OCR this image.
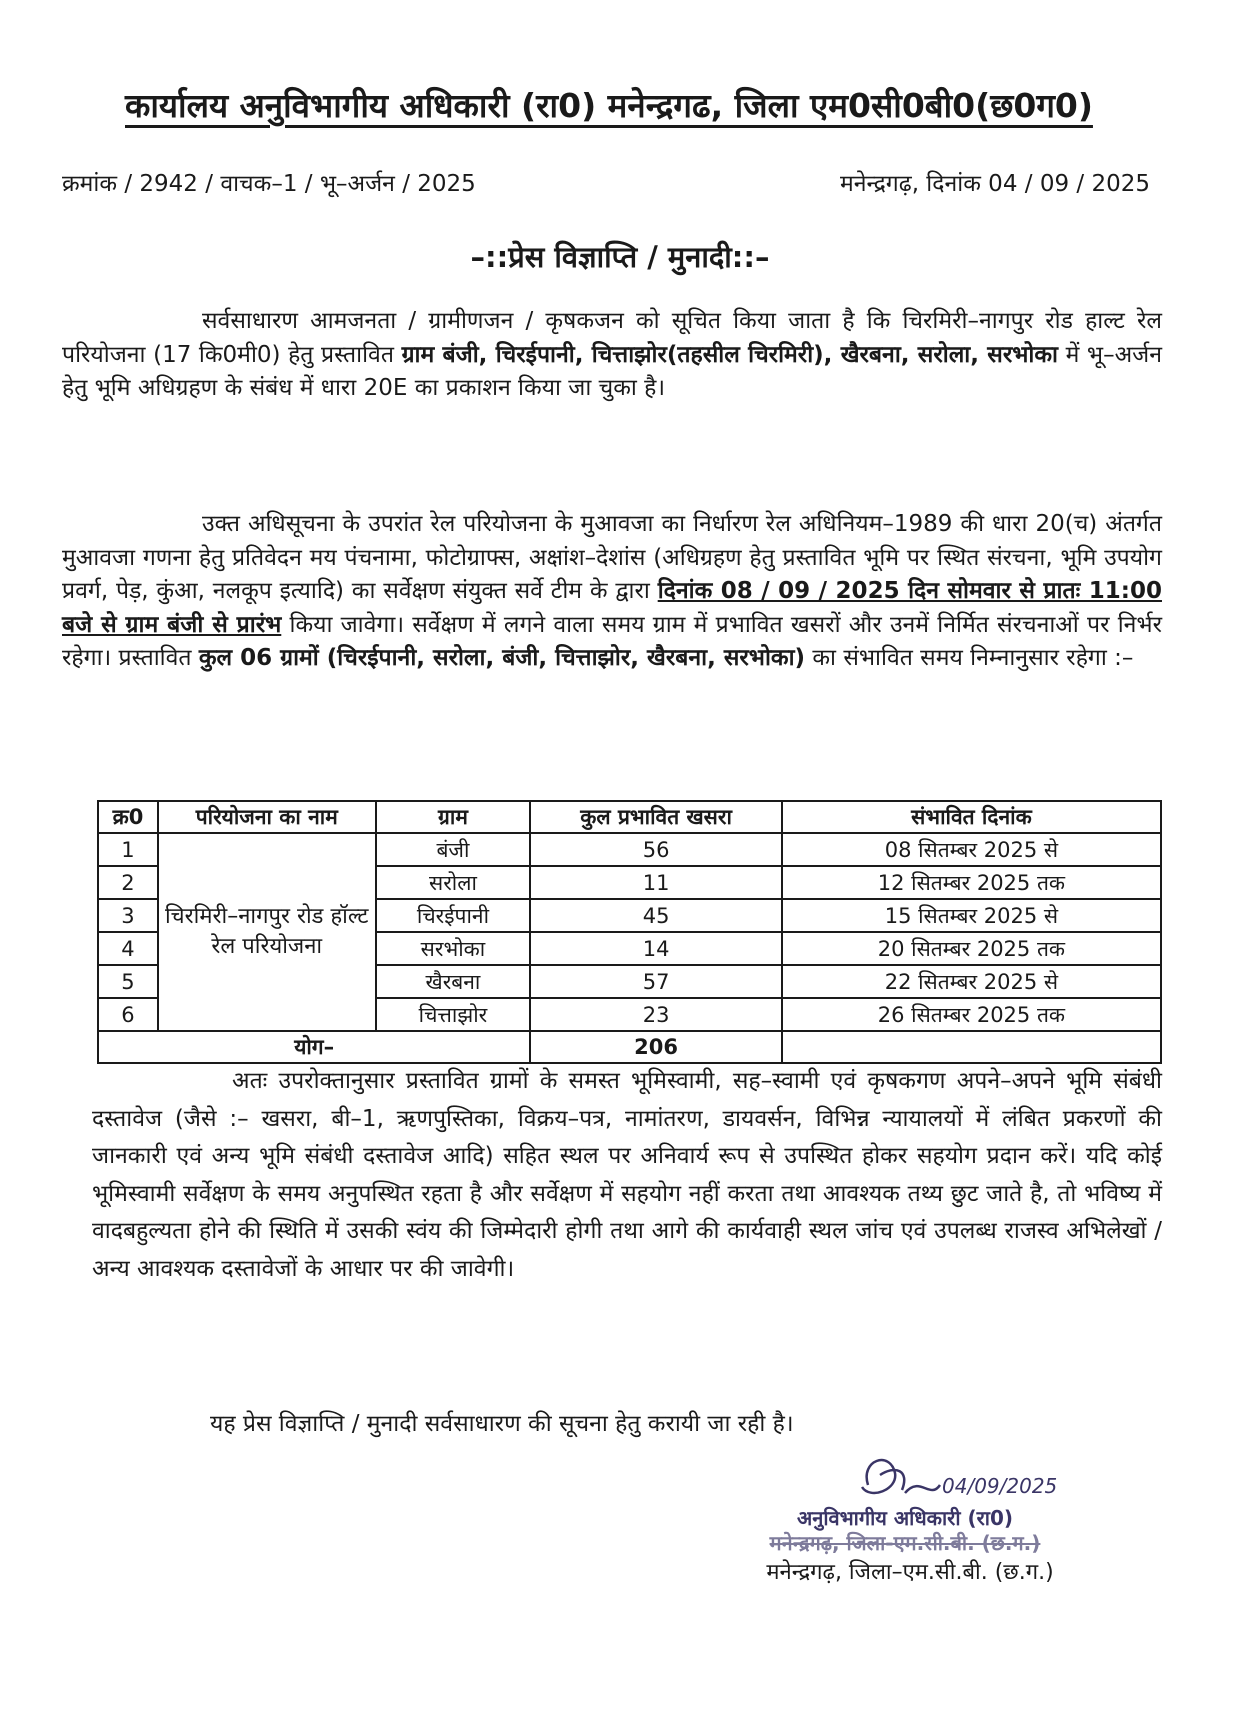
कार्यालय अनुविभागीय अधिकारी (रा0) मनेन्द्रगढ, जिला एम0सी0बी0(छ0ग0)
क्रमांक / 2942 / वाचक–1 / भू–अर्जन / 2025	मनेन्द्रगढ़, दिनांक 04 / 09 / 2025
–::प्रेस विज्ञाप्ति / मुनादी::–

सर्वसाधारण आमजनता / ग्रामीणजन / कृषकजन को सूचित किया जाता है कि चिरमिरी–नागपुर रोड हाल्ट रेल परियोजना (17 कि0मी0) हेतु प्रस्तावित ग्राम बंजी, चिरईपानी, चित्ताझोर(तहसील चिरमिरी), खैरबना, सरोला, सरभोका में भू–अर्जन हेतु भूमि अधिग्रहण के संबंध में धारा 20E का प्रकाशन किया जा चुका है।

उक्त अधिसूचना के उपरांत रेल परियोजना के मुआवजा का निर्धारण रेल अधिनियम–1989 की धारा 20(च) अंतर्गत मुआवजा गणना हेतु प्रतिवेदन मय पंचनामा, फोटोग्राफ्स, अक्षांश–देशांस (अधिग्रहण हेतु प्रस्तावित भूमि पर स्थित संरचना, भूमि उपयोग प्रवर्ग, पेड़, कुंआ, नलकूप इत्यादि) का सर्वेक्षण संयुक्त सर्वे टीम के द्वारा दिनांक 08 / 09 / 2025 दिन सोमवार से प्रातः 11:00 बजे से ग्राम बंजी से प्रारंभ किया जावेगा। सर्वेक्षण में लगने वाला समय ग्राम में प्रभावित खसरों और उनमें निर्मित संरचनाओं पर निर्भर रहेगा। प्रस्तावित कुल 06 ग्रामों (चिरईपानी, सरोला, बंजी, चित्ताझोर, खैरबना, सरभोका) का संभावित समय निम्नानुसार रहेगा :–

क्र0	परियोजना का नाम	ग्राम	कुल प्रभावित खसरा	संभावित दिनांक
1	चिरमिरी–नागपुर रोड हॉल्ट रेल परियोजना	बंजी	56	08 सितम्बर 2025 से
2		सरोला	11	12 सितम्बर 2025 तक
3		चिरईपानी	45	15 सितम्बर 2025 से
4		सरभोका	14	20 सितम्बर 2025 तक
5		खैरबना	57	22 सितम्बर 2025 से
6		चित्ताझोर	23	26 सितम्बर 2025 तक
योग–			206	

अतः उपरोक्तानुसार प्रस्तावित ग्रामों के समस्त भूमिस्वामी, सह–स्वामी एवं कृषकगण अपने–अपने भूमि संबंधी दस्तावेज (जैसे :– खसरा, बी–1, ऋणपुस्तिका, विक्रय–पत्र, नामांतरण, डायवर्सन, विभिन्न न्यायालयों में लंबित प्रकरणों की जानकारी एवं अन्य भूमि संबंधी दस्तावेज आदि) सहित स्थल पर अनिवार्य रूप से उपस्थित होकर सहयोग प्रदान करें। यदि कोई भूमिस्वामी सर्वेक्षण के समय अनुपस्थित रहता है और सर्वेक्षण में सहयोग नहीं करता तथा आवश्यक तथ्य छुट जाते है, तो भविष्य में वादबहुल्यता होने की स्थिति में उसकी स्वंय की जिम्मेदारी होगी तथा आगे की कार्यवाही स्थल जांच एवं उपलब्ध राजस्व अभिलेखों / अन्य आवश्यक दस्तावेजों के आधार पर की जावेगी।

यह प्रेस विज्ञाप्ति / मुनादी सर्वसाधारण की सूचना हेतु करायी जा रही है।

04/09/2025
अनुविभागीय अधिकारी (रा0)
मनेन्द्रगढ़, जिला-एम.सी.बी. (छ.ग.)
मनेन्द्रगढ़, जिला–एम.सी.बी. (छ.ग.)
